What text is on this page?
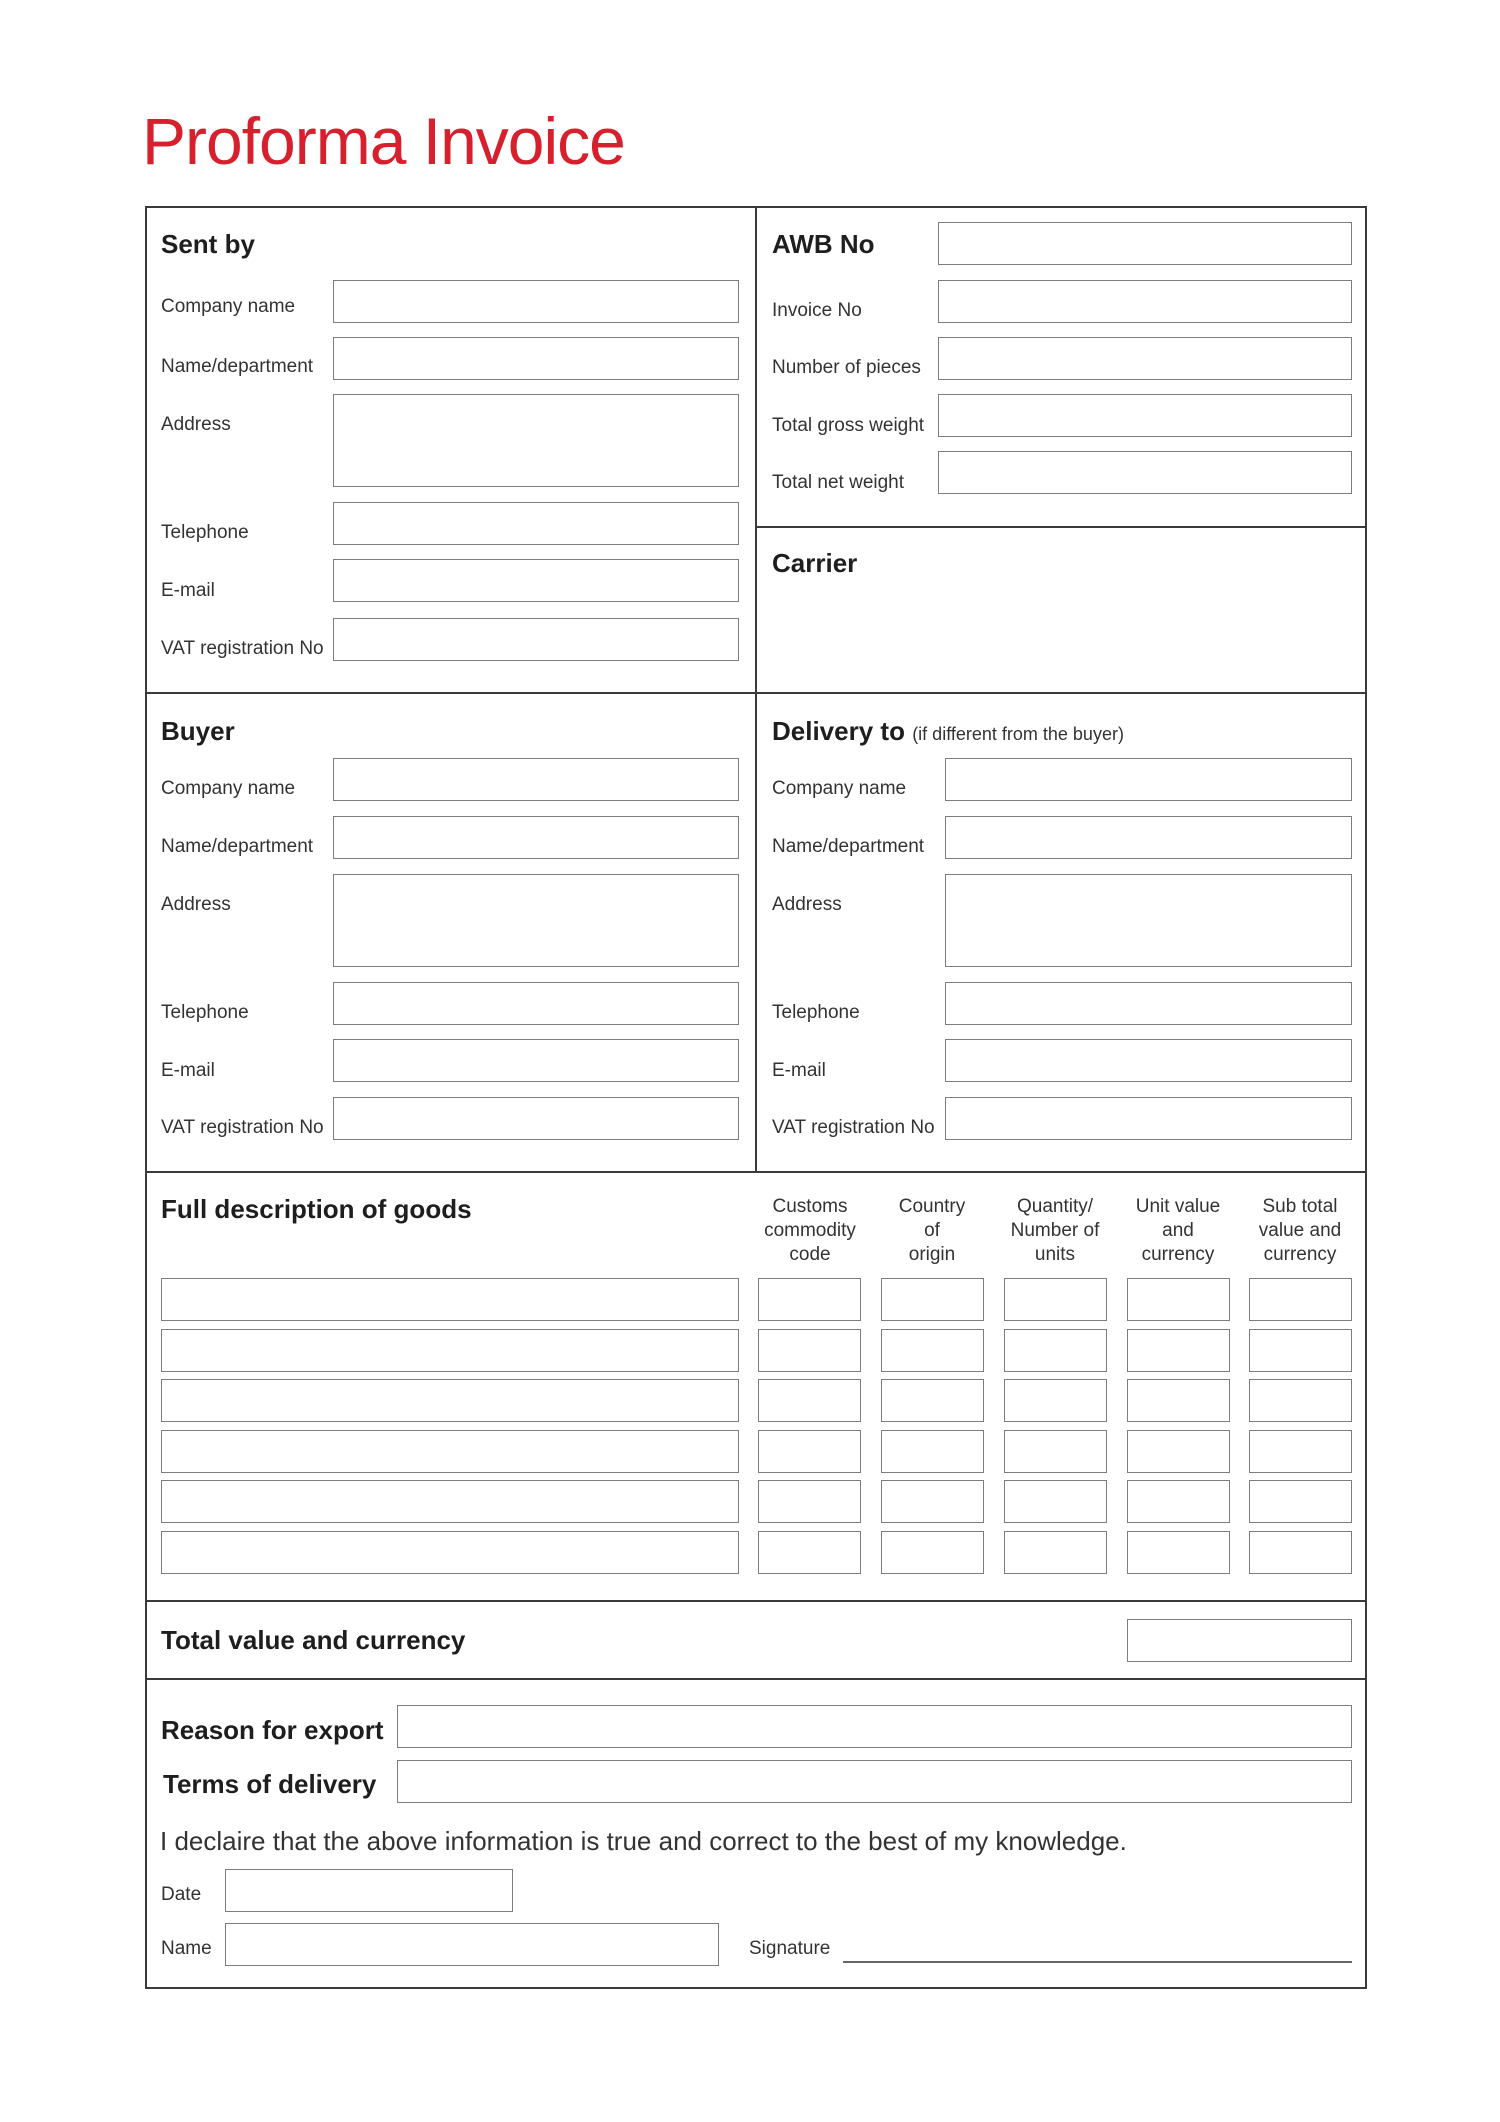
Proforma Invoice
Sent by
Company name
Name/department
Address
Telephone
E-mail
VAT registration No
AWB No
Invoice No
Number of pieces
Total gross weight
Total net weight
Carrier
Buyer
Company name
Name/department
Address
Telephone
E-mail
VAT registration No
Delivery to (if different from the buyer)
Company name
Name/department
Address
Telephone
E-mail
VAT registration No
Full description of goods	Customs
commodity
code
Country
of
origin
Quantity/
Number of
units
Unit value
and
currency
Sub total
value and
currency
Total value and currency
Reason for export
Terms of delivery
I declaire that the above information is true and correct to the best of my knowledge.
Date
Name	Signature
